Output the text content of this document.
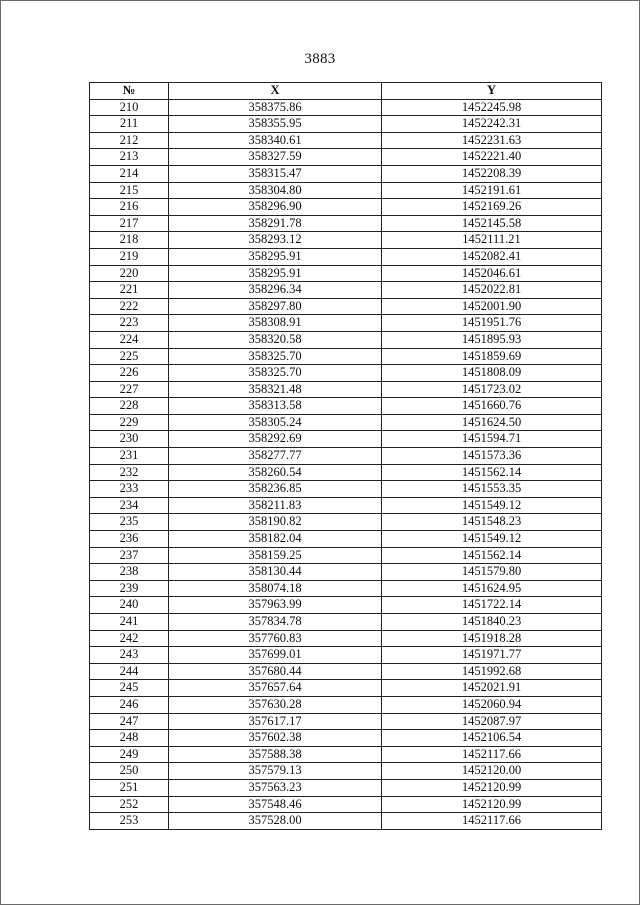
3883
№	X	Y
210	358375.86	1452245.98
211	358355.95	1452242.31
212	358340.61	1452231.63
213	358327.59	1452221.40
214	358315.47	1452208.39
215	358304.80	1452191.61
216	358296.90	1452169.26
217	358291.78	1452145.58
218	358293.12	1452111.21
219	358295.91	1452082.41
220	358295.91	1452046.61
221	358296.34	1452022.81
222	358297.80	1452001.90
223	358308.91	1451951.76
224	358320.58	1451895.93
225	358325.70	1451859.69
226	358325.70	1451808.09
227	358321.48	1451723.02
228	358313.58	1451660.76
229	358305.24	1451624.50
230	358292.69	1451594.71
231	358277.77	1451573.36
232	358260.54	1451562.14
233	358236.85	1451553.35
234	358211.83	1451549.12
235	358190.82	1451548.23
236	358182.04	1451549.12
237	358159.25	1451562.14
238	358130.44	1451579.80
239	358074.18	1451624.95
240	357963.99	1451722.14
241	357834.78	1451840.23
242	357760.83	1451918.28
243	357699.01	1451971.77
244	357680.44	1451992.68
245	357657.64	1452021.91
246	357630.28	1452060.94
247	357617.17	1452087.97
248	357602.38	1452106.54
249	357588.38	1452117.66
250	357579.13	1452120.00
251	357563.23	1452120.99
252	357548.46	1452120.99
253	357528.00	1452117.66
